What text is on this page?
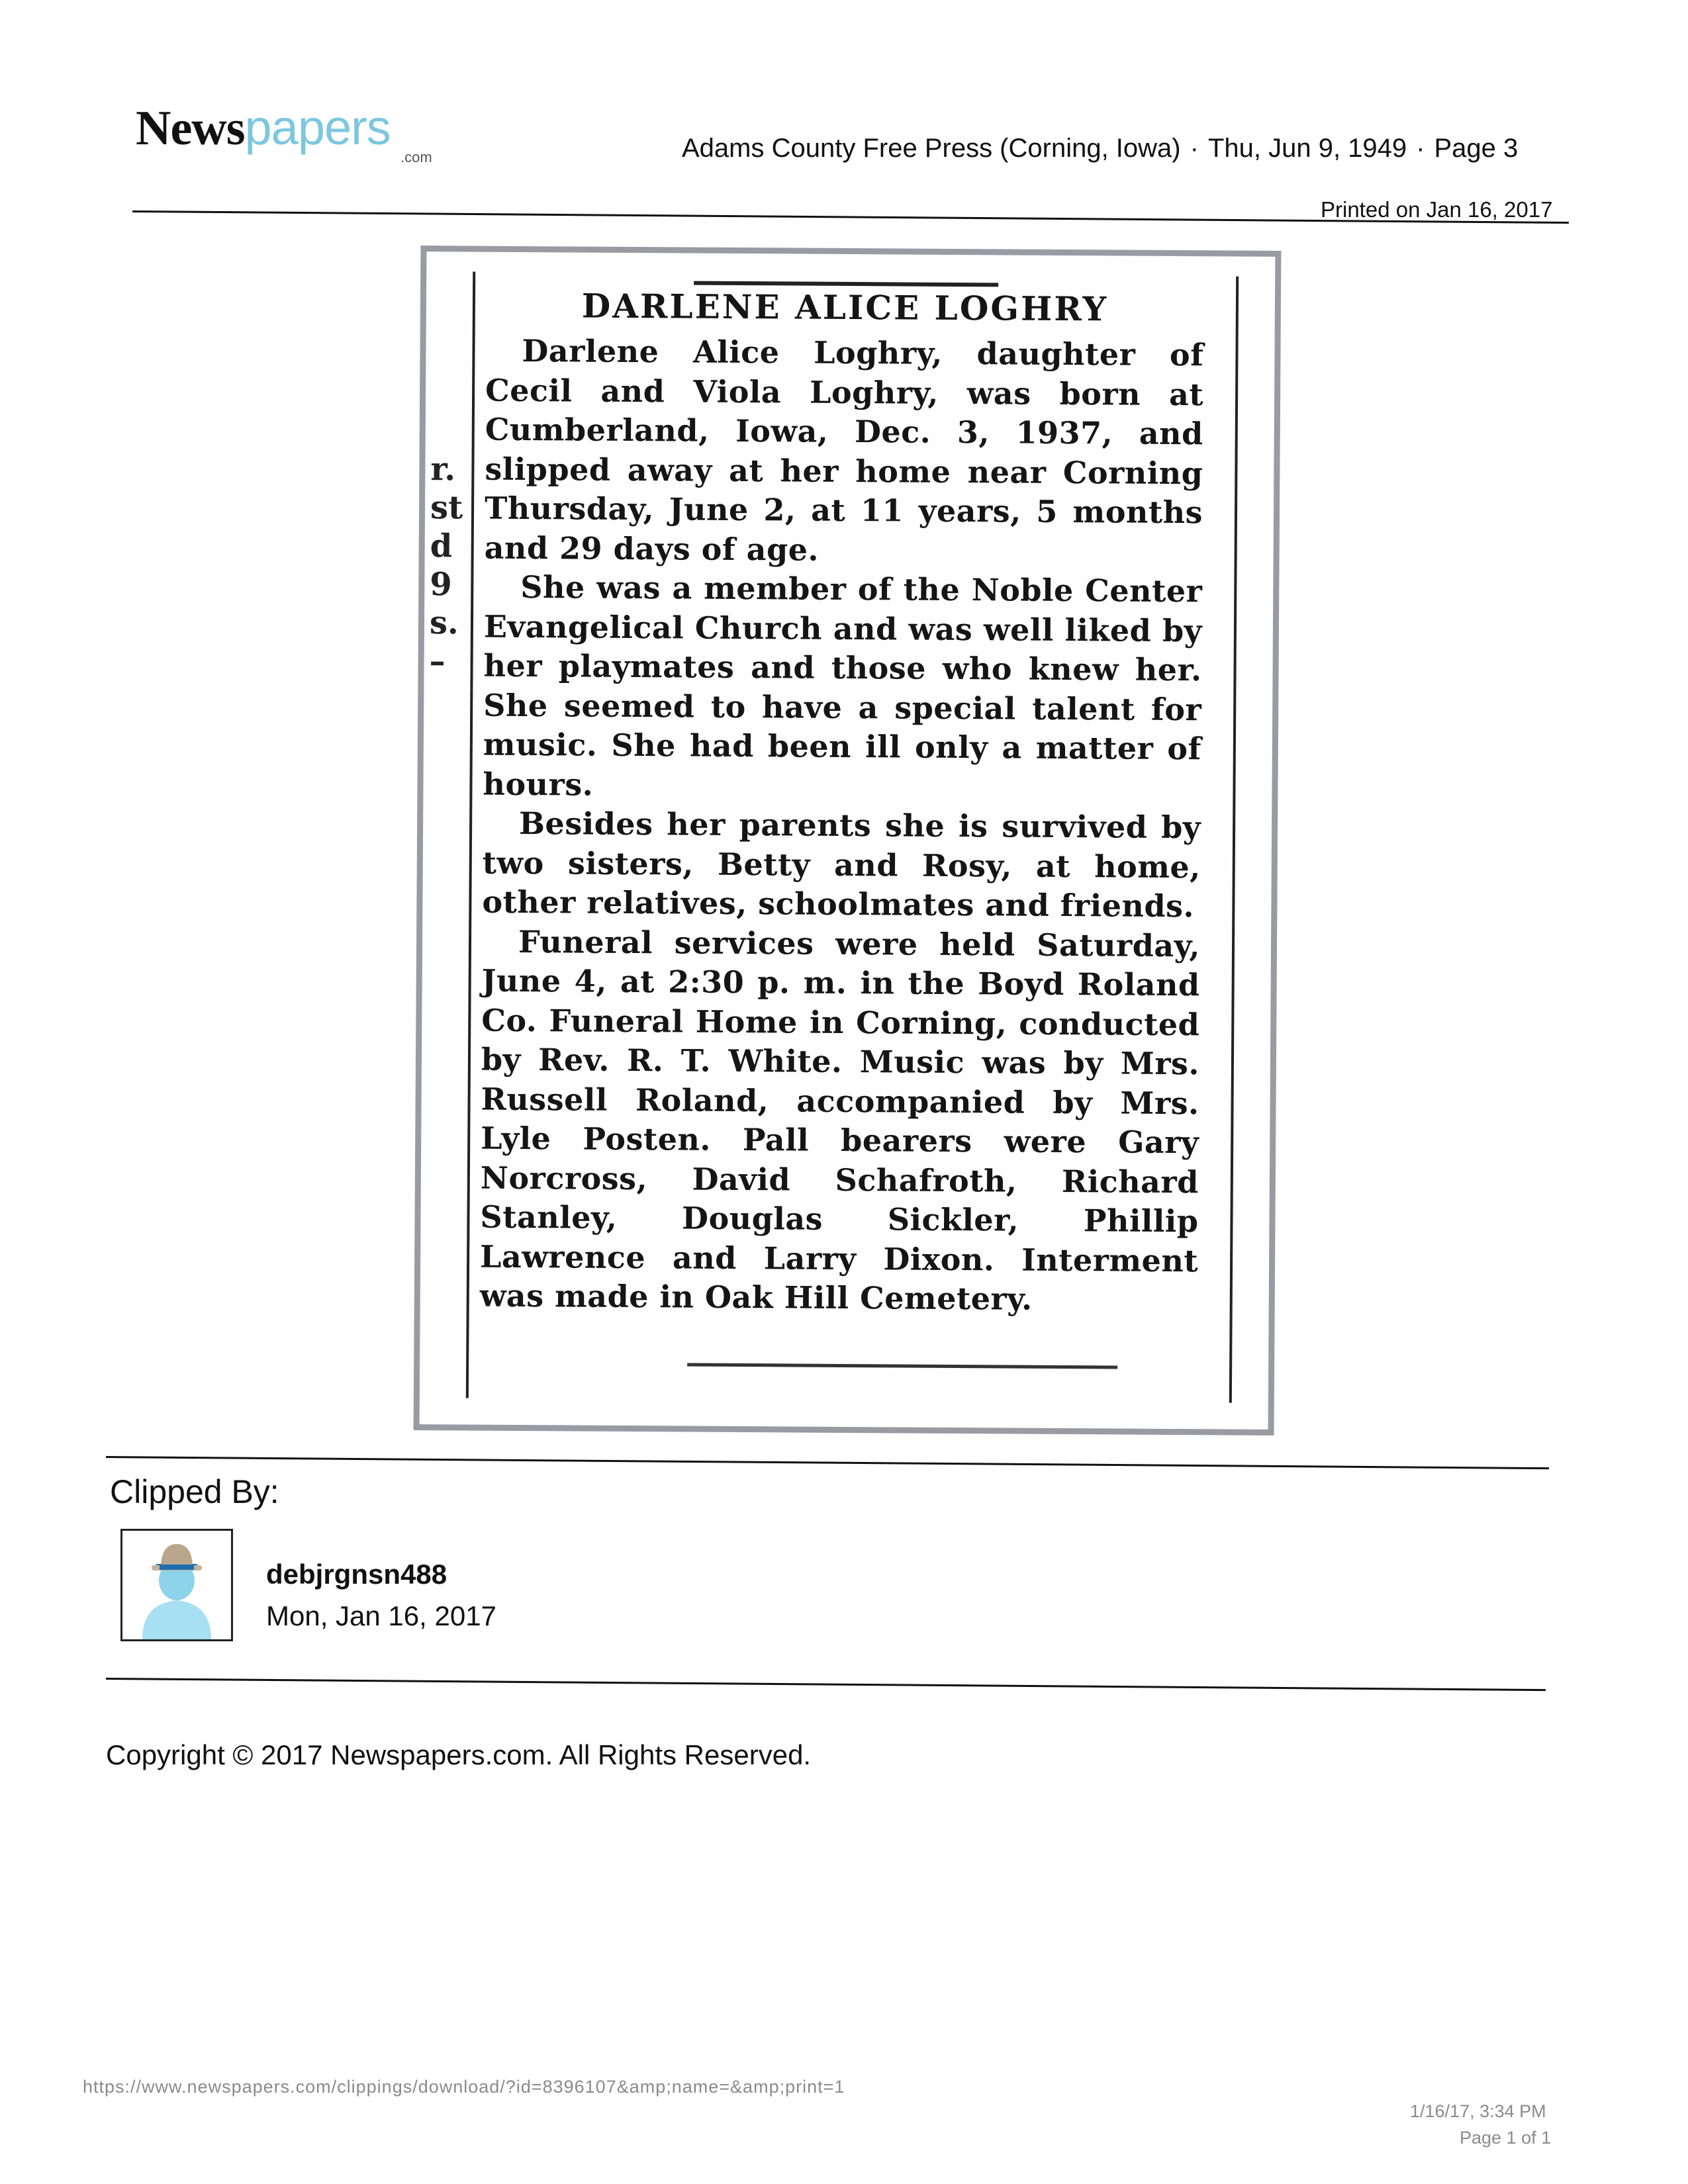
Newspapers
.com	Adams County Free Press (Corning, Iowa) · Thu, Jun 9, 1949 · Page 3
Printed on Jan 16, 2017
r.
st
d
9
s.
–
DARLENE ALICE LOGHRY

Darlene Alice Loghry, daughter of Cecil and Viola Loghry, was born at Cumberland, Iowa, Dec. 3, 1937, and slipped away at her home near Corning Thursday, June 2, at 11 years, 5 months and 29 days of age.

She was a member of the Noble Center Evangelical Church and was well liked by her playmates and those who knew her. She seemed to have a special talent for music. She had been ill only a matter of hours.

Besides her parents she is survived by two sisters, Betty and Rosy, at home, other relatives, schoolmates and friends.

Funeral services were held Saturday, June 4, at 2:30 p. m. in the Boyd Roland Co. Funeral Home in Corning, conducted by Rev. R. T. White. Music was by Mrs. Russell Roland, accompanied by Mrs. Lyle Posten. Pall bearers were Gary Norcross, David Schafroth, Richard Stanley, Douglas Sickler, Phillip Lawrence and Larry Dixon. Interment was made in Oak Hill Cemetery.

Clipped By:
debjrgnsn488
Mon, Jan 16, 2017
Copyright © 2017 Newspapers.com. All Rights Reserved.
https://www.newspapers.com/clippings/download/?id=8396107&amp;name=&amp;print=1
1/16/17, 3:34 PM
Page 1 of 1
